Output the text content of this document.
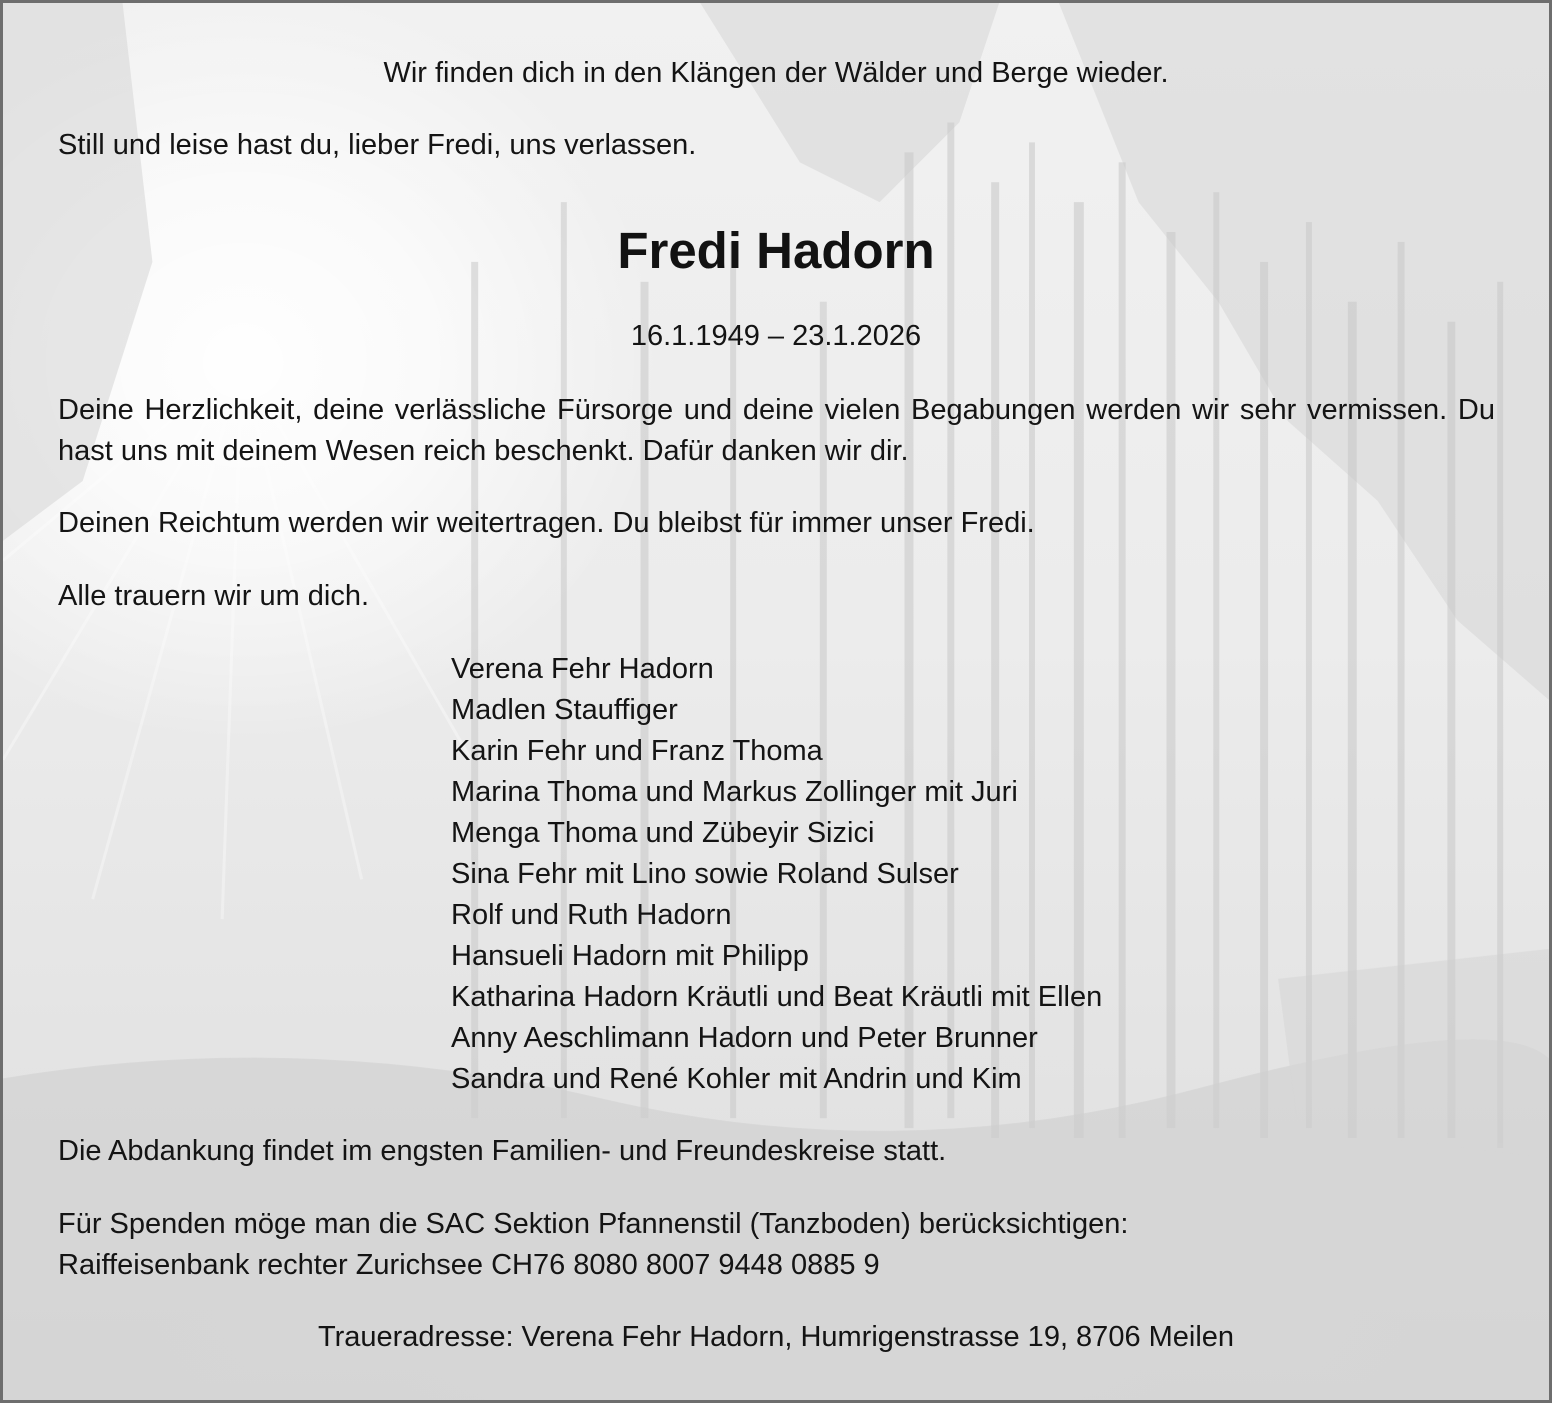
Wir finden dich in den Klängen der Wälder und Berge wieder.

Still und leise hast du, lieber Fredi, uns verlassen.

Fredi Hadorn

16.1.1949 – 23.1.2026

Deine Herzlichkeit, deine verlässliche Fürsorge und deine vielen Begabungen werden wir sehr vermissen. Du hast uns mit deinem Wesen reich beschenkt. Dafür danken wir dir.

Deinen Reichtum werden wir weitertragen. Du bleibst für immer unser Fredi.

Alle trauern wir um dich.

Verena Fehr Hadorn
Madlen Stauffiger
Karin Fehr und Franz Thoma
Marina Thoma und Markus Zollinger mit Juri
Menga Thoma und Zübeyir Sizici
Sina Fehr mit Lino sowie Roland Sulser
Rolf und Ruth Hadorn
Hansueli Hadorn mit Philipp
Katharina Hadorn Kräutli und Beat Kräutli mit Ellen
Anny Aeschlimann Hadorn und Peter Brunner
Sandra und René Kohler mit Andrin und Kim

Die Abdankung findet im engsten Familien- und Freundeskreise statt.

Für Spenden möge man die SAC Sektion Pfannenstil (Tanzboden) berücksichtigen:

Raiffeisenbank rechter Zurichsee CH76 8080 8007 9448 0885 9

Traueradresse: Verena Fehr Hadorn, Humrigenstrasse 19, 8706 Meilen
